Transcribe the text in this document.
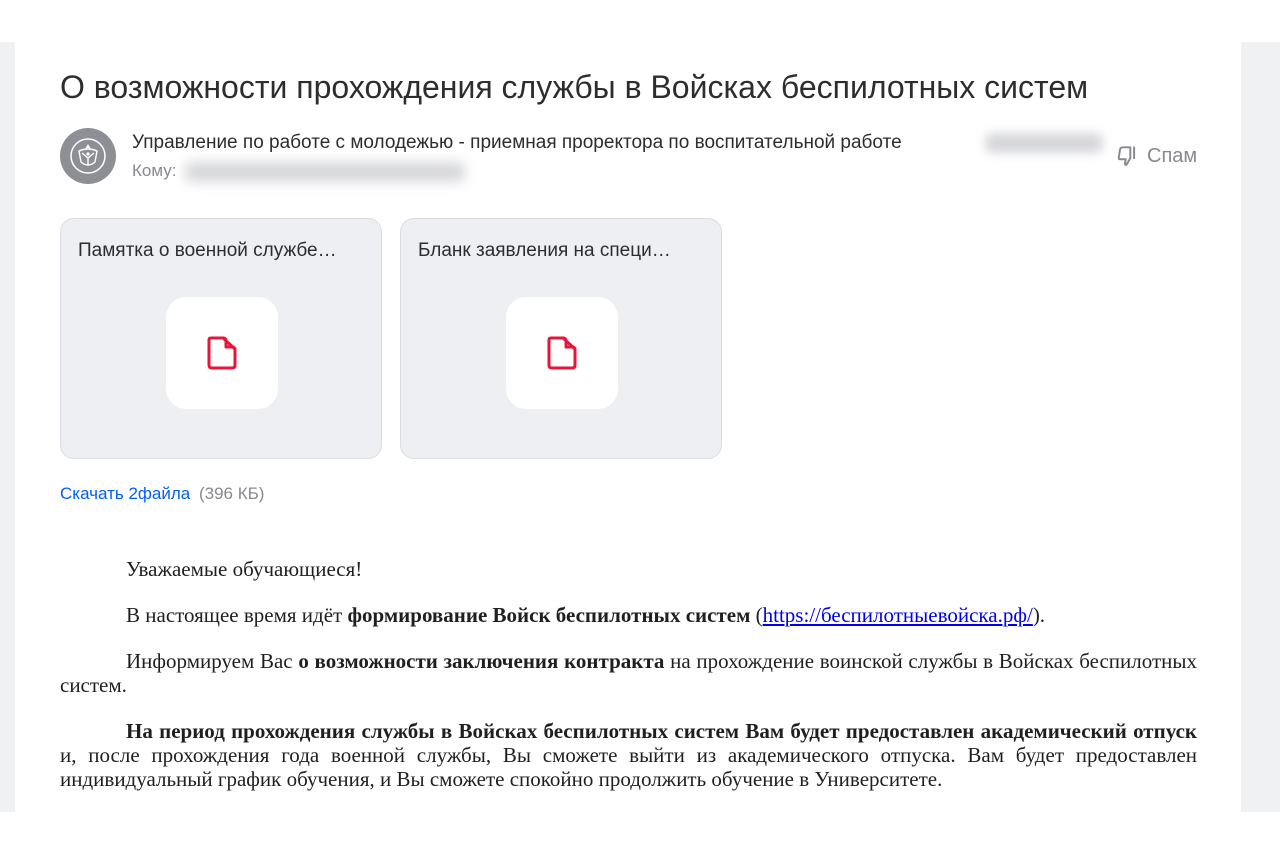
О возможности прохождения службы в Войсках беспилотных систем
Управление по работе с молодежью - приемная проректора по воспитательной работе
Кому:
Спам
Памятка о военной службе…	Бланк заявления на специ…
Скачать 2файла (396 КБ)

Уважаемые обучающиеся!

В настоящее время идёт формирование Войск беспилотных систем (https://беспилотныевойска.рф/).

Информируем Вас о возможности заключения контракта на прохождение воинской службы в Войсках беспилотных систем.

На период прохождения службы в Войсках беспилотных систем Вам будет предоставлен академический отпуск и, после прохождения года военной службы, Вы сможете выйти из академического отпуска. Вам будет предоставлен индивидуальный график обучения, и Вы сможете спокойно продолжить обучение в Университете.
